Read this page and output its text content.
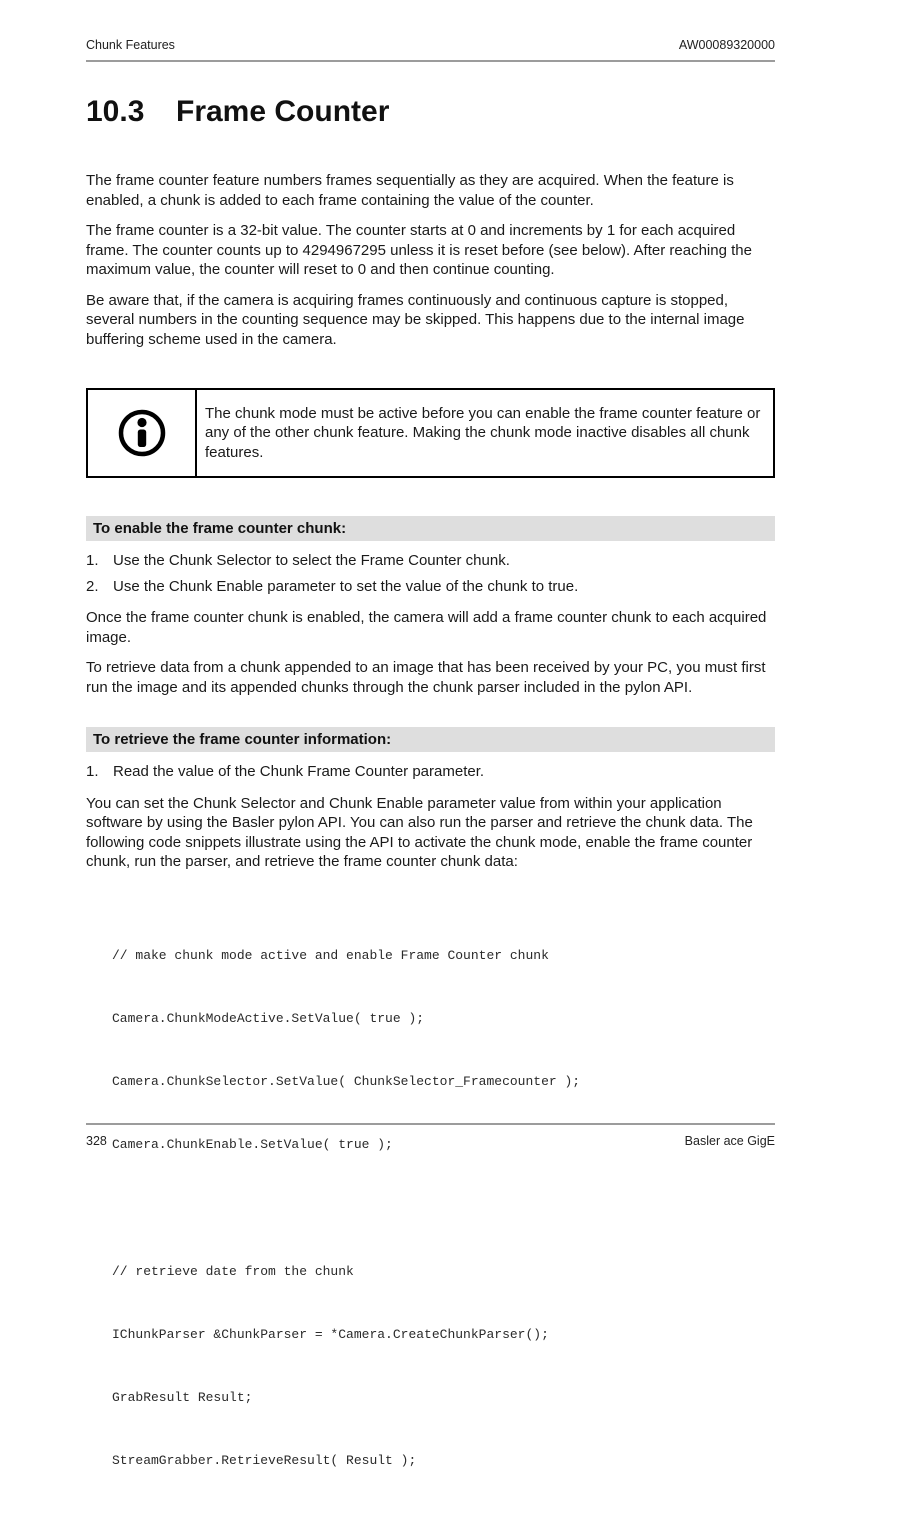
Chunk Features	AW00089320000
10.3	Frame Counter

The frame counter feature numbers frames sequentially as they are acquired. When the feature is enabled, a chunk is added to each frame containing the value of the counter.

The frame counter is a 32-bit value. The counter starts at 0 and increments by 1 for each acquired frame. The counter counts up to 4294967295 unless it is reset before (see below). After reaching the maximum value, the counter will reset to 0 and then continue counting.

Be aware that, if the camera is acquiring frames continuously and continuous capture is stopped, several numbers in the counting sequence may be skipped. This happens due to the internal image buffering scheme used in the camera.

The chunk mode must be active before you can enable the frame counter feature or any of the other chunk feature. Making the chunk mode inactive disables all chunk features.

To enable the frame counter chunk:
1. Use the Chunk Selector to select the Frame Counter chunk.
2. Use the Chunk Enable parameter to set the value of the chunk to true.

Once the frame counter chunk is enabled, the camera will add a frame counter chunk to each acquired image.

To retrieve data from a chunk appended to an image that has been received by your PC, you must first run the image and its appended chunks through the chunk parser included in the pylon API.

To retrieve the frame counter information:
1. Read the value of the Chunk Frame Counter parameter.

You can set the Chunk Selector and Chunk Enable parameter value from within your application software by using the Basler pylon API. You can also run the parser and retrieve the chunk data. The following code snippets illustrate using the API to activate the chunk mode, enable the frame counter chunk, run the parser, and retrieve the frame counter chunk data:

// make chunk mode active and enable Frame Counter chunk

Camera.ChunkModeActive.SetValue( true );

Camera.ChunkSelector.SetValue( ChunkSelector_Framecounter );

Camera.ChunkEnable.SetValue( true );

// retrieve date from the chunk

IChunkParser &ChunkParser = *Camera.CreateChunkParser();

GrabResult Result;

StreamGrabber.RetrieveResult( Result );

328	Basler ace GigE
